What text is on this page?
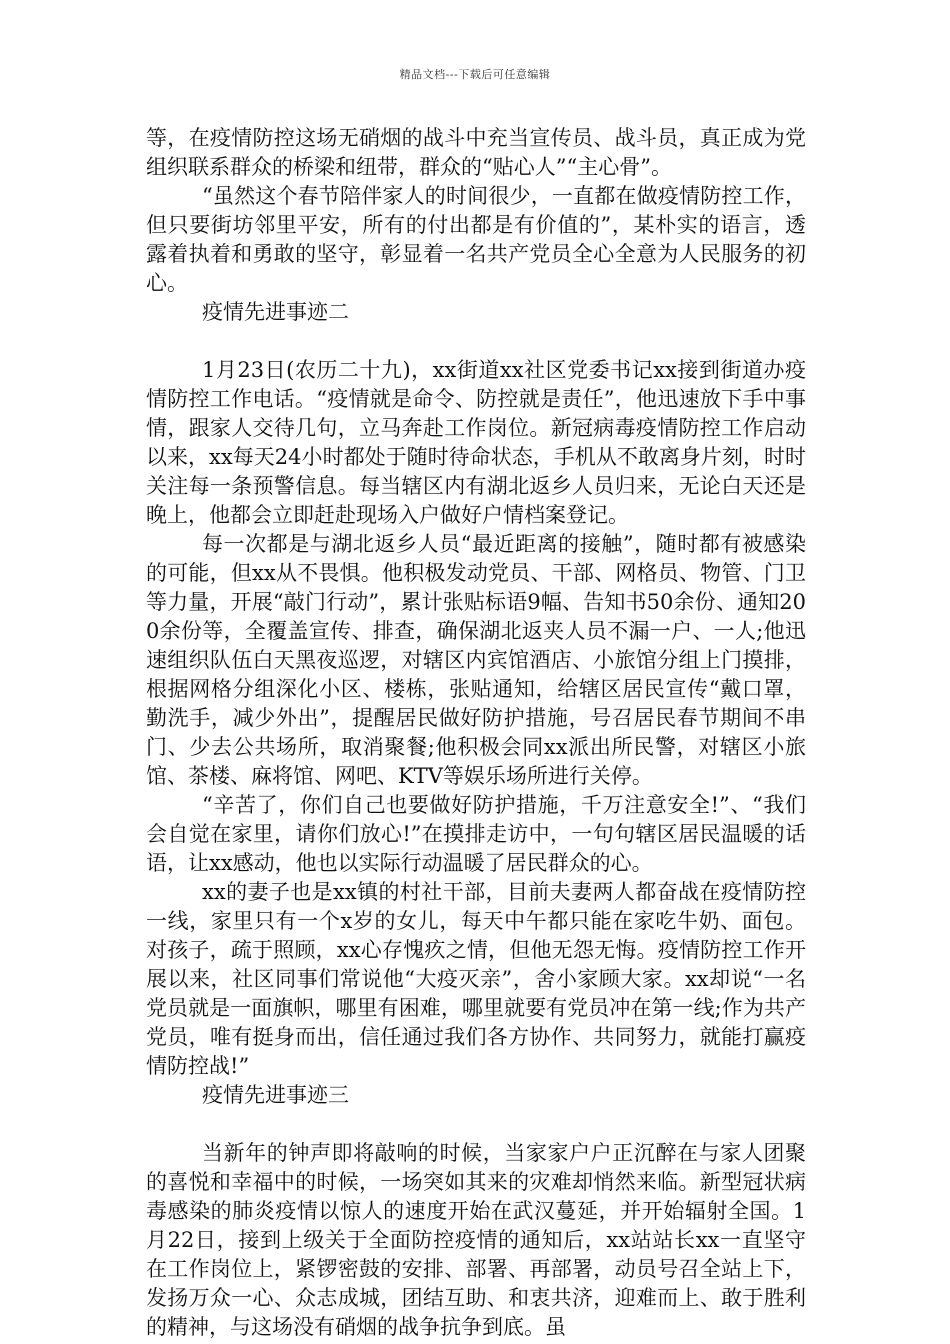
精品文档---下载后可任意编辑

等，在疫情防控这场无硝烟的战斗中充当宣传员、战斗员，真正成为党组织联系群众的桥梁和纽带，群众的“贴心人”“主心骨”。

“虽然这个春节陪伴家人的时间很少，一直都在做疫情防控工作，但只要街坊邻里平安，所有的付出都是有价值的”，某朴实的语言，透露着执着和勇敢的坚守，彰显着一名共产党员全心全意为人民服务的初心。

疫情先进事迹二

1月23日(农历二十九)，xx街道xx社区党委书记xx接到街道办疫情防控工作电话。“疫情就是命令、防控就是责任”，他迅速放下手中事情，跟家人交待几句，立马奔赴工作岗位。新冠病毒疫情防控工作启动以来，xx每天24小时都处于随时待命状态，手机从不敢离身片刻，时时关注每一条预警信息。每当辖区内有湖北返乡人员归来，无论白天还是晚上，他都会立即赶赴现场入户做好户情档案登记。

每一次都是与湖北返乡人员“最近距离的接触”，随时都有被感染的可能，但xx从不畏惧。他积极发动党员、干部、网格员、物管、门卫等力量，开展“敲门行动”，累计张贴标语9幅、告知书50余份、通知200余份等，全覆盖宣传、排查，确保湖北返夹人员不漏一户、一人;他迅速组织队伍白天黑夜巡逻，对辖区内宾馆酒店、小旅馆分组上门摸排，根据网格分组深化小区、楼栋，张贴通知，给辖区居民宣传“戴口罩，勤洗手，减少外出”，提醒居民做好防护措施，号召居民春节期间不串门、少去公共场所，取消聚餐;他积极会同xx派出所民警，对辖区小旅馆、茶楼、麻将馆、网吧、KTV等娱乐场所进行关停。

“辛苦了，你们自己也要做好防护措施，千万注意安全!”、“我们会自觉在家里，请你们放心!”在摸排走访中，一句句辖区居民温暖的话语，让xx感动，他也以实际行动温暖了居民群众的心。

xx的妻子也是xx镇的村社干部，目前夫妻两人都奋战在疫情防控一线，家里只有一个x岁的女儿，每天中午都只能在家吃牛奶、面包。对孩子，疏于照顾，xx心存愧疚之情，但他无怨无悔。疫情防控工作开展以来，社区同事们常说他“大疫灭亲”，舍小家顾大家。xx却说“一名党员就是一面旗帜，哪里有困难，哪里就要有党员冲在第一线;作为共产党员，唯有挺身而出，信任通过我们各方协作、共同努力，就能打赢疫情防控战!”

疫情先进事迹三

当新年的钟声即将敲响的时候，当家家户户正沉醉在与家人团聚的喜悦和幸福中的时候，一场突如其来的灾难却悄然来临。新型冠状病毒感染的肺炎疫情以惊人的速度开始在武汉蔓延，并开始辐射全国。1月22日，接到上级关于全面防控疫情的通知后，xx站站长xx一直坚守在工作岗位上，紧锣密鼓的安排、部署、再部署，动员号召全站上下，发扬万众一心、众志成城，团结互助、和衷共济，迎难而上、敢于胜利的精神，与这场没有硝烟的战争抗争到底。虽
